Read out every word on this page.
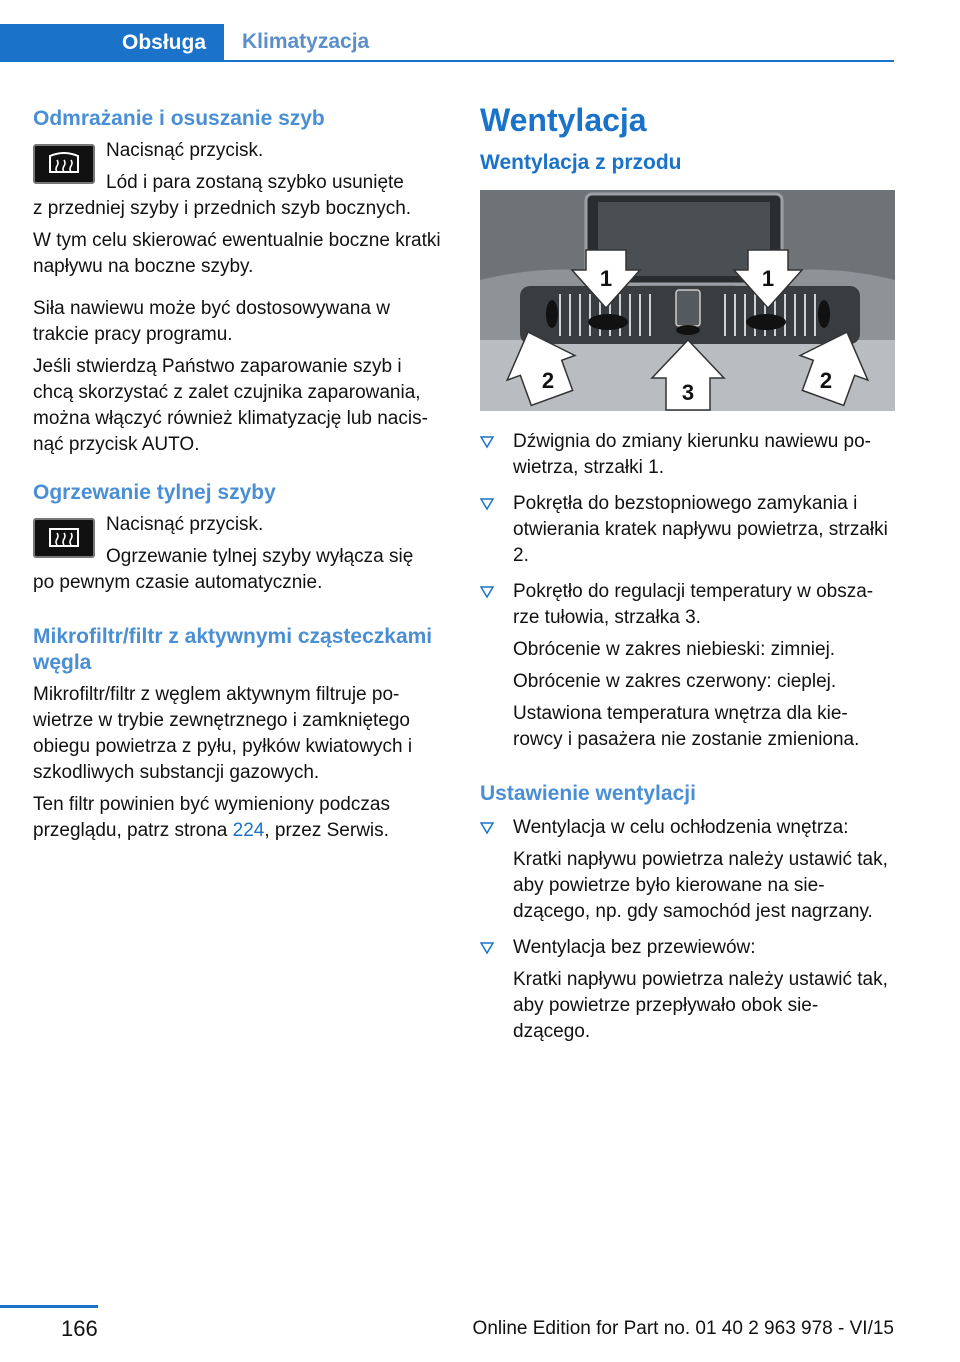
Obsługa	Klimatyzacja
Odmrażanie i osuszanie szyb

Nacisnąć przycisk.

Lód i para zostaną szybko usunięte

z przedniej szyby i przednich szyb bocznych.

W tym celu skierować ewentualnie boczne kratki napływu na boczne szyby.

Siła nawiewu może być dostosowywana w trakcie pracy programu.

Jeśli stwierdzą Państwo zaparowanie szyb i chcą skorzystać z zalet czujnika zaparowania, można włączyć również klimatyzację lub nacis‐nąć przycisk AUTO.

Ogrzewanie tylnej szyby

Nacisnąć przycisk.

Ogrzewanie tylnej szyby wyłącza się

po pewnym czasie automatycznie.

Mikrofiltr/filtr z aktywnymi cząsteczkami węgla

Mikrofiltr/filtr z węglem aktywnym filtruje po‐wietrze w trybie zewnętrznego i zamkniętego obiegu powietrza z pyłu, pyłków kwiatowych i szkodliwych substancji gazowych.

Ten filtr powinien być wymieniony podczas przeglądu, patrz strona 224, przez Serwis.

Wentylacja
Wentylacja z przodu
1	1
2	2
3

Dźwignia do zmiany kierunku nawiewu po‐wietrza, strzałki 1.

Pokrętła do bezstopniowego zamykania i otwierania kratek napływu powietrza, strzałki 2.

Pokrętło do regulacji temperatury w obsza‐rze tułowia, strzałka 3.

Obrócenie w zakres niebieski: zimniej.

Obrócenie w zakres czerwony: cieplej.

Ustawiona temperatura wnętrza dla kie‐rowcy i pasażera nie zostanie zmieniona.

Ustawienie wentylacji

Wentylacja w celu ochłodzenia wnętrza:

Kratki napływu powietrza należy ustawić tak, aby powietrze było kierowane na sie‐dzącego, np. gdy samochód jest nagrzany.

Wentylacja bez przewiewów:

Kratki napływu powietrza należy ustawić tak, aby powietrze przepływało obok sie‐dzącego.

166	Online Edition for Part no. 01 40 2 963 978 - VI/15
